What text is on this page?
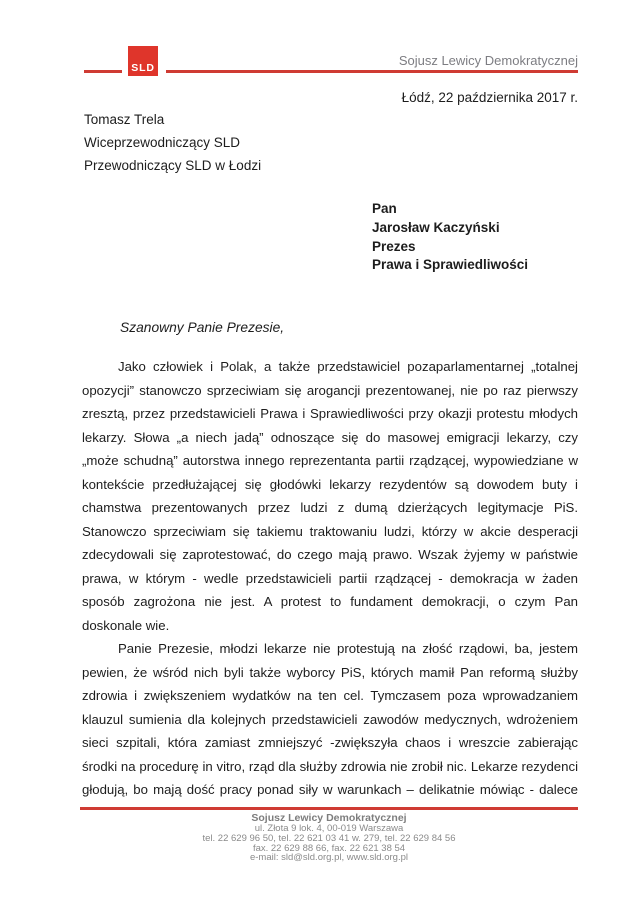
SLD	Sojusz Lewicy Demokratycznej
Łódź, 22 października 2017 r.
Tomasz Trela
Wiceprzewodniczący SLD
Przewodniczący SLD w Łodzi
Pan
Jarosław Kaczyński
Prezes
Prawa i Sprawiedliwości
Szanowny Panie Prezesie,

Jako człowiek i Polak, a także przedstawiciel pozaparlamentarnej „totalnej opozycji” stanowczo sprzeciwiam się arogancji prezentowanej, nie po raz pierwszy zresztą, przez przedstawicieli Prawa i Sprawiedliwości przy okazji protestu młodych lekarzy. Słowa „a niech jadą” odnoszące się do masowej emigracji lekarzy, czy „może schudną” autorstwa innego reprezentanta partii rządzącej, wypowiedziane w kontekście przedłużającej się głodówki lekarzy rezydentów są dowodem buty i chamstwa prezentowanych przez ludzi z dumą dzierżących legitymacje PiS. Stanowczo sprzeciwiam się takiemu traktowaniu ludzi, którzy w akcie desperacji zdecydowali się zaprotestować, do czego mają prawo. Wszak żyjemy w państwie prawa, w którym - wedle przedstawicieli partii rządzącej - demokracja w żaden sposób zagrożona nie jest. A protest to fundament demokracji, o czym Pan doskonale wie.

Panie Prezesie, młodzi lekarze nie protestują na złość rządowi, ba, jestem pewien, że wśród nich byli także wyborcy PiS, których mamił Pan reformą służby zdrowia i zwiększeniem wydatków na ten cel. Tymczasem poza wprowadzaniem klauzul sumienia dla kolejnych przedstawicieli zawodów medycznych, wdrożeniem sieci szpitali, która zamiast zmniejszyć -zwiększyła chaos i wreszcie zabierając środki na procedurę in vitro, rząd dla służby zdrowia nie zrobił nic. Lekarze rezydenci głodują, bo mają dość pracy ponad siły w warunkach – delikatnie mówiąc - dalece

Sojusz Lewicy Demokratycznej
ul. Złota 9 lok. 4, 00-019 Warszawa
tel. 22 629 96 50, tel. 22 621 03 41 w. 279, tel. 22 629 84 56
fax. 22 629 88 66, fax. 22 621 38 54
e-mail: sld@sld.org.pl, www.sld.org.pl
